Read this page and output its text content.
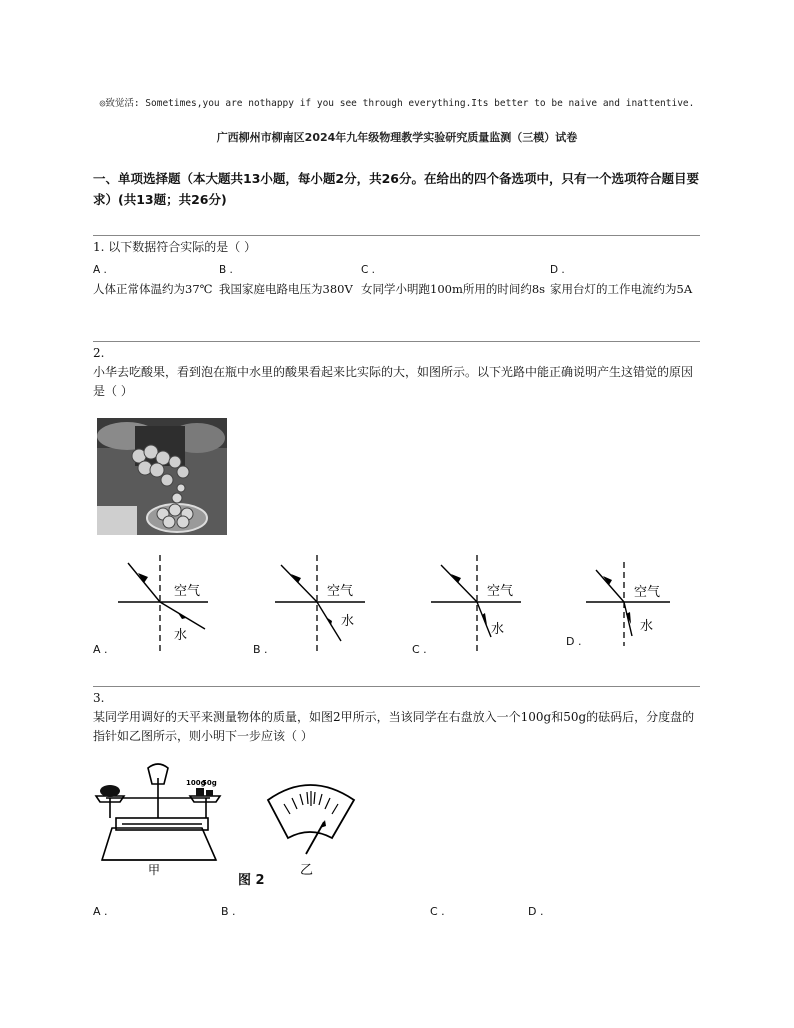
◎致觉活: Sometimes,you are nothappy if you see through everything.Its better to be naive and inattentive.
广西柳州市柳南区2024年九年级物理教学实验研究质量监测（三模）试卷
一、单项选择题（本大题共13小题，每小题2分，共26分。在给出的四个备选项中，只有一个选项符合题目要求）(共13题；共26分)
1. 以下数据符合实际的是（ ）
A .
人体正常体温约为37℃
B .
我国家庭电路电压为380V
C .
女同学小明跑100m所用的时间约8s
D .
家用台灯的工作电流约为5A
2.
小华去吃酸果，看到泡在瓶中水里的酸果看起来比实际的大，如图所示。以下光路中能正确说明产生这错觉的原因是（ ）
空气
水
A .
空气
水
B .
空气
水
C .
空气
水
D .
3.
某同学用调好的天平来测量物体的质量，如图2甲所示，当该同学在右盘放入一个100g和50g的砝码后，分度盘的指针如乙图所示，则小明下一步应该（ ）
100g
50g
甲	乙
图 2
A .	B .	C .	D .
